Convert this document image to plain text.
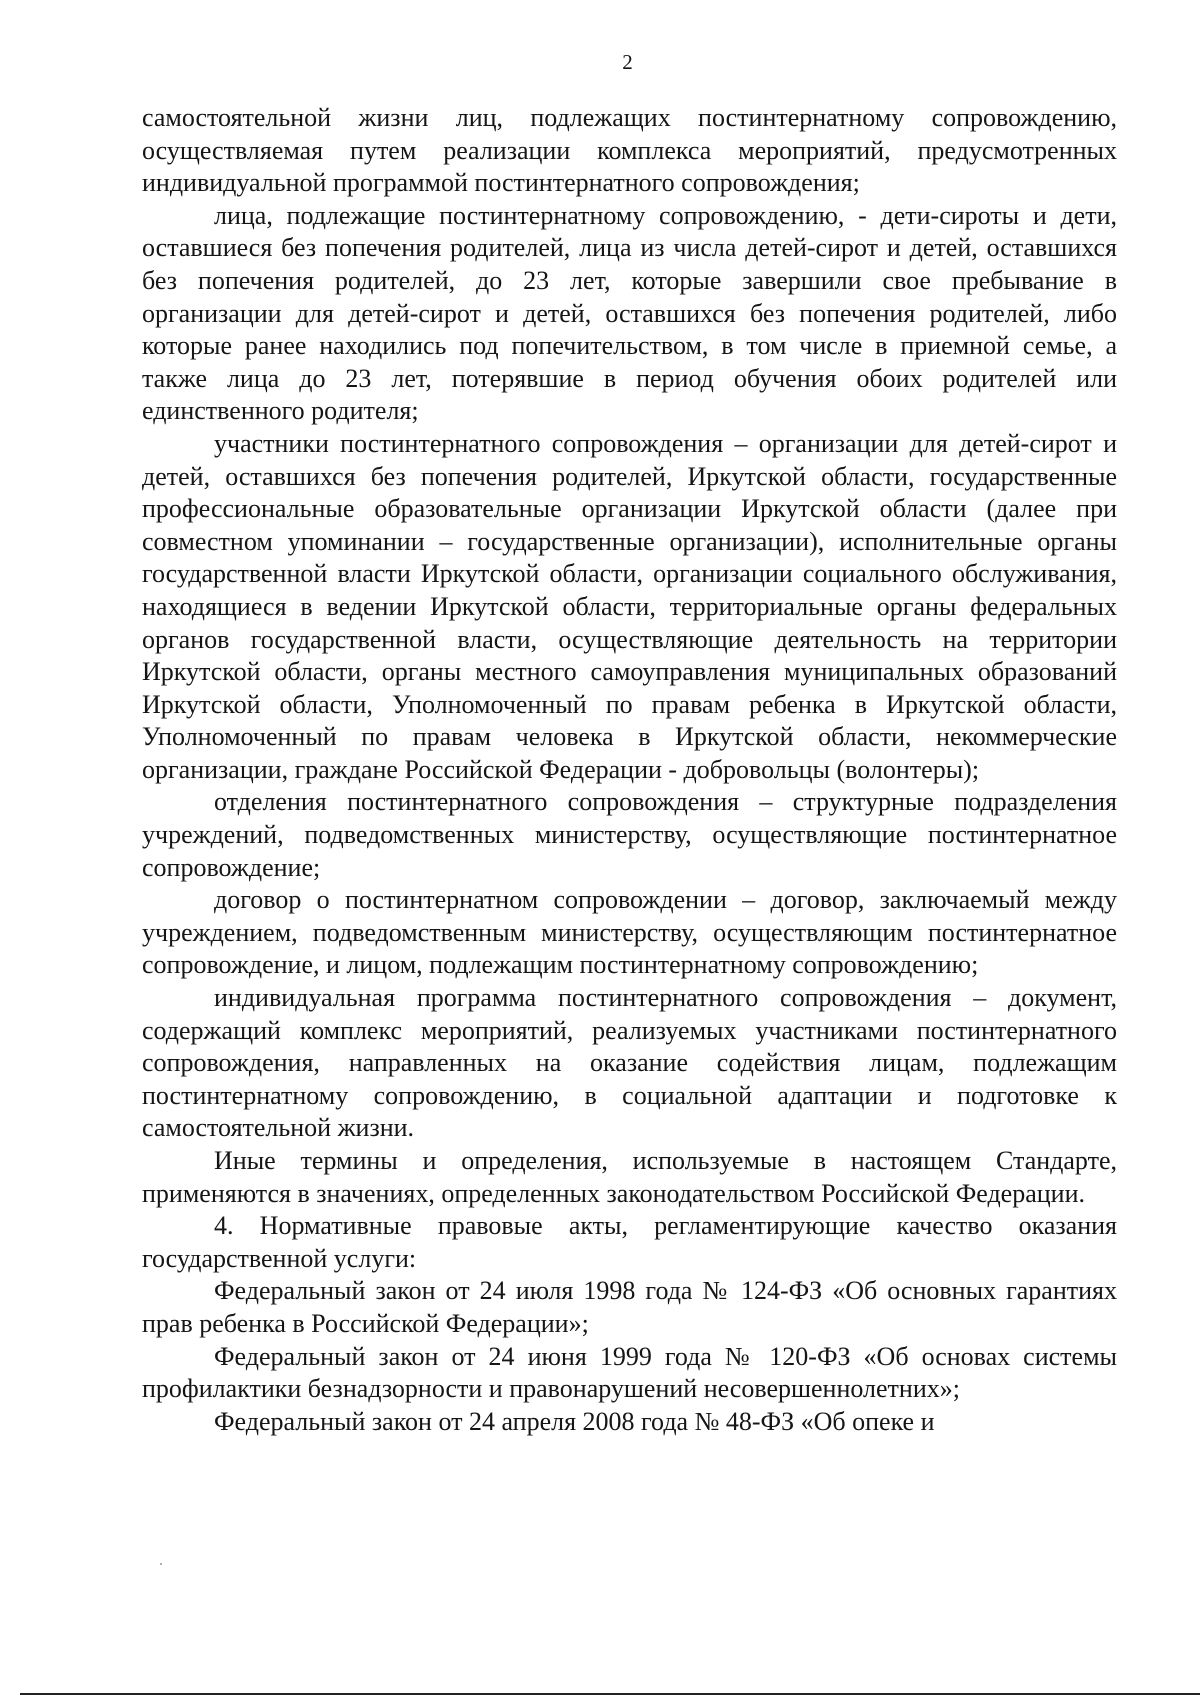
2

самостоятельной жизни лиц, подлежащих постинтернатному сопровождению, осуществляемая путем реализации комплекса мероприятий, предусмотренных индивидуальной программой постинтернатного сопровождения;

лица, подлежащие постинтернатному сопровождению, - дети-сироты и дети, оставшиеся без попечения родителей, лица из числа детей-сирот и детей, оставшихся без попечения родителей, до 23 лет, которые завершили свое пребывание в организации для детей-сирот и детей, оставшихся без попечения родителей, либо которые ранее находились под попечительством, в том числе в приемной семье, а также лица до 23 лет, потерявшие в период обучения обоих родителей или единственного родителя;

участники постинтернатного сопровождения – организации для детей-сирот и детей, оставшихся без попечения родителей, Иркутской области, государственные профессиональные образовательные организации Иркутской области (далее при совместном упоминании – государственные организации), исполнительные органы государственной власти Иркутской области, организации социального обслуживания, находящиеся в ведении Иркутской области, территориальные органы федеральных органов государственной власти, осуществляющие деятельность на территории Иркутской области, органы местного самоуправления муниципальных образований Иркутской области, Уполномоченный по правам ребенка в Иркутской области, Уполномоченный по правам человека в Иркутской области, некоммерческие организации, граждане Российской Федерации - добровольцы (волонтеры);

отделения постинтернатного сопровождения – структурные подразделения учреждений, подведомственных министерству, осуществляющие постинтернатное сопровождение;

договор о постинтернатном сопровождении – договор, заключаемый между учреждением, подведомственным министерству, осуществляющим постинтернатное сопровождение, и лицом, подлежащим постинтернатному сопровождению;

индивидуальная программа постинтернатного сопровождения – документ, содержащий комплекс мероприятий, реализуемых участниками постинтернатного сопровождения, направленных на оказание содействия лицам, подлежащим постинтернатному сопровождению, в социальной адаптации и подготовке к самостоятельной жизни.

Иные термины и определения, используемые в настоящем Стандарте, применяются в значениях, определенных законодательством Российской Федерации.

4. Нормативные правовые акты, регламентирующие качество оказания государственной услуги:

Федеральный закон от 24 июля 1998 года № 124-ФЗ «Об основных гарантиях прав ребенка в Российской Федерации»;

Федеральный закон от 24 июня 1999 года № 120-ФЗ «Об основах системы профилактики безнадзорности и правонарушений несовершеннолетних»;

Федеральный закон от 24 апреля 2008 года № 48-ФЗ «Об опеке и
